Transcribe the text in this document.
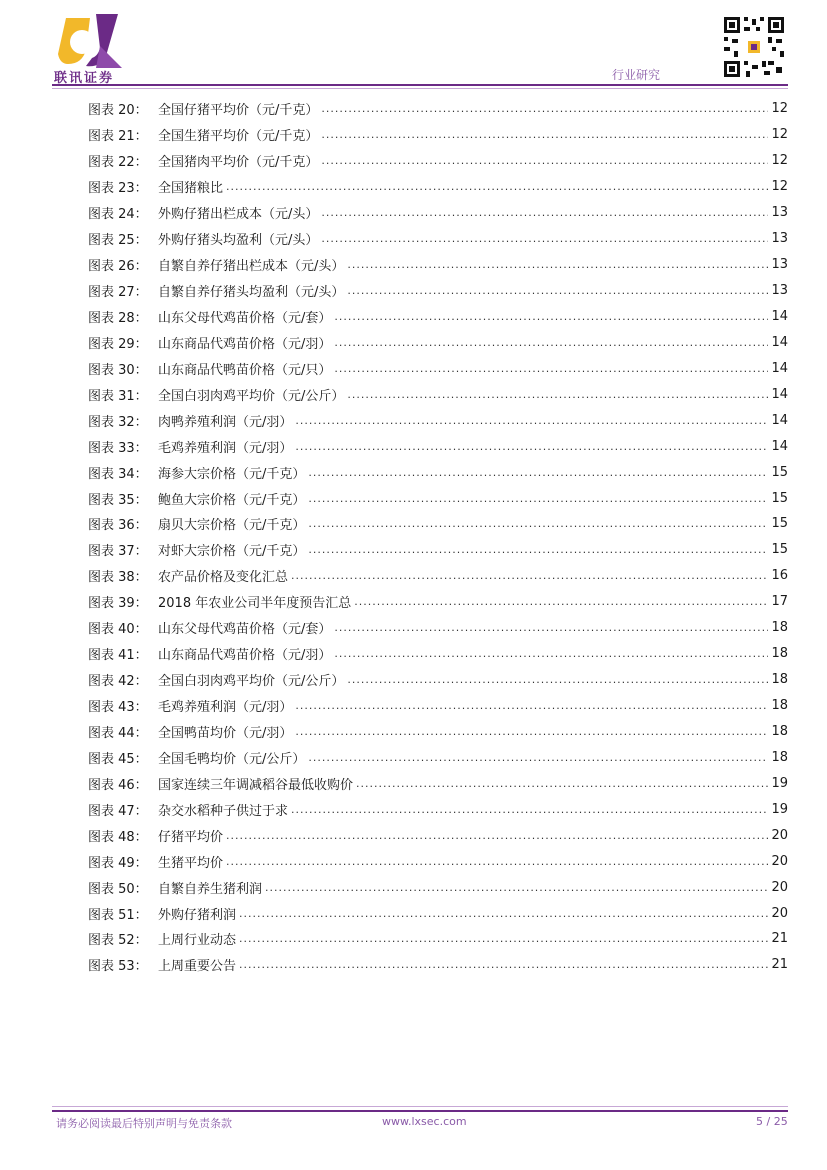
联讯证券	行业研究
图表 20： 全国仔猪平均价（元/千克） .....	12
图表 21： 全国生猪平均价（元/千克） .....	12
图表 22： 全国猪肉平均价（元/千克） .....	12
图表 23： 全国猪粮比 .....	12
图表 24： 外购仔猪出栏成本（元/头） .....	13
图表 25： 外购仔猪头均盈利（元/头） .....	13
图表 26： 自繁自养仔猪出栏成本（元/头） .....	13
图表 27： 自繁自养仔猪头均盈利（元/头） .....	13
图表 28： 山东父母代鸡苗价格（元/套） .....	14
图表 29： 山东商品代鸡苗价格（元/羽） .....	14
图表 30： 山东商品代鸭苗价格（元/只） .....	14
图表 31： 全国白羽肉鸡平均价（元/公斤） .....	14
图表 32： 肉鸭养殖利润（元/羽） .....	14
图表 33： 毛鸡养殖利润（元/羽） .....	14
图表 34： 海参大宗价格（元/千克） .....	15
图表 35： 鲍鱼大宗价格（元/千克） .....	15
图表 36： 扇贝大宗价格（元/千克） .....	15
图表 37： 对虾大宗价格（元/千克） .....	15
图表 38： 农产品价格及变化汇总 .....	16
图表 39： 2018 年农业公司半年度预告汇总 .....	17
图表 40： 山东父母代鸡苗价格（元/套） .....	18
图表 41： 山东商品代鸡苗价格（元/羽） .....	18
图表 42： 全国白羽肉鸡平均价（元/公斤） .....	18
图表 43： 毛鸡养殖利润（元/羽） .....	18
图表 44： 全国鸭苗均价（元/羽） .....	18
图表 45： 全国毛鸭均价（元/公斤） .....	18
图表 46： 国家连续三年调减稻谷最低收购价 .....	19
图表 47： 杂交水稻种子供过于求 .....	19
图表 48： 仔猪平均价 .....	20
图表 49： 生猪平均价 .....	20
图表 50： 自繁自养生猪利润 .....	20
图表 51： 外购仔猪利润 .....	20
图表 52： 上周行业动态 .....	21
图表 53： 上周重要公告 .....	21
请务必阅读最后特别声明与免责条款	www.lxsec.com	5 / 25
